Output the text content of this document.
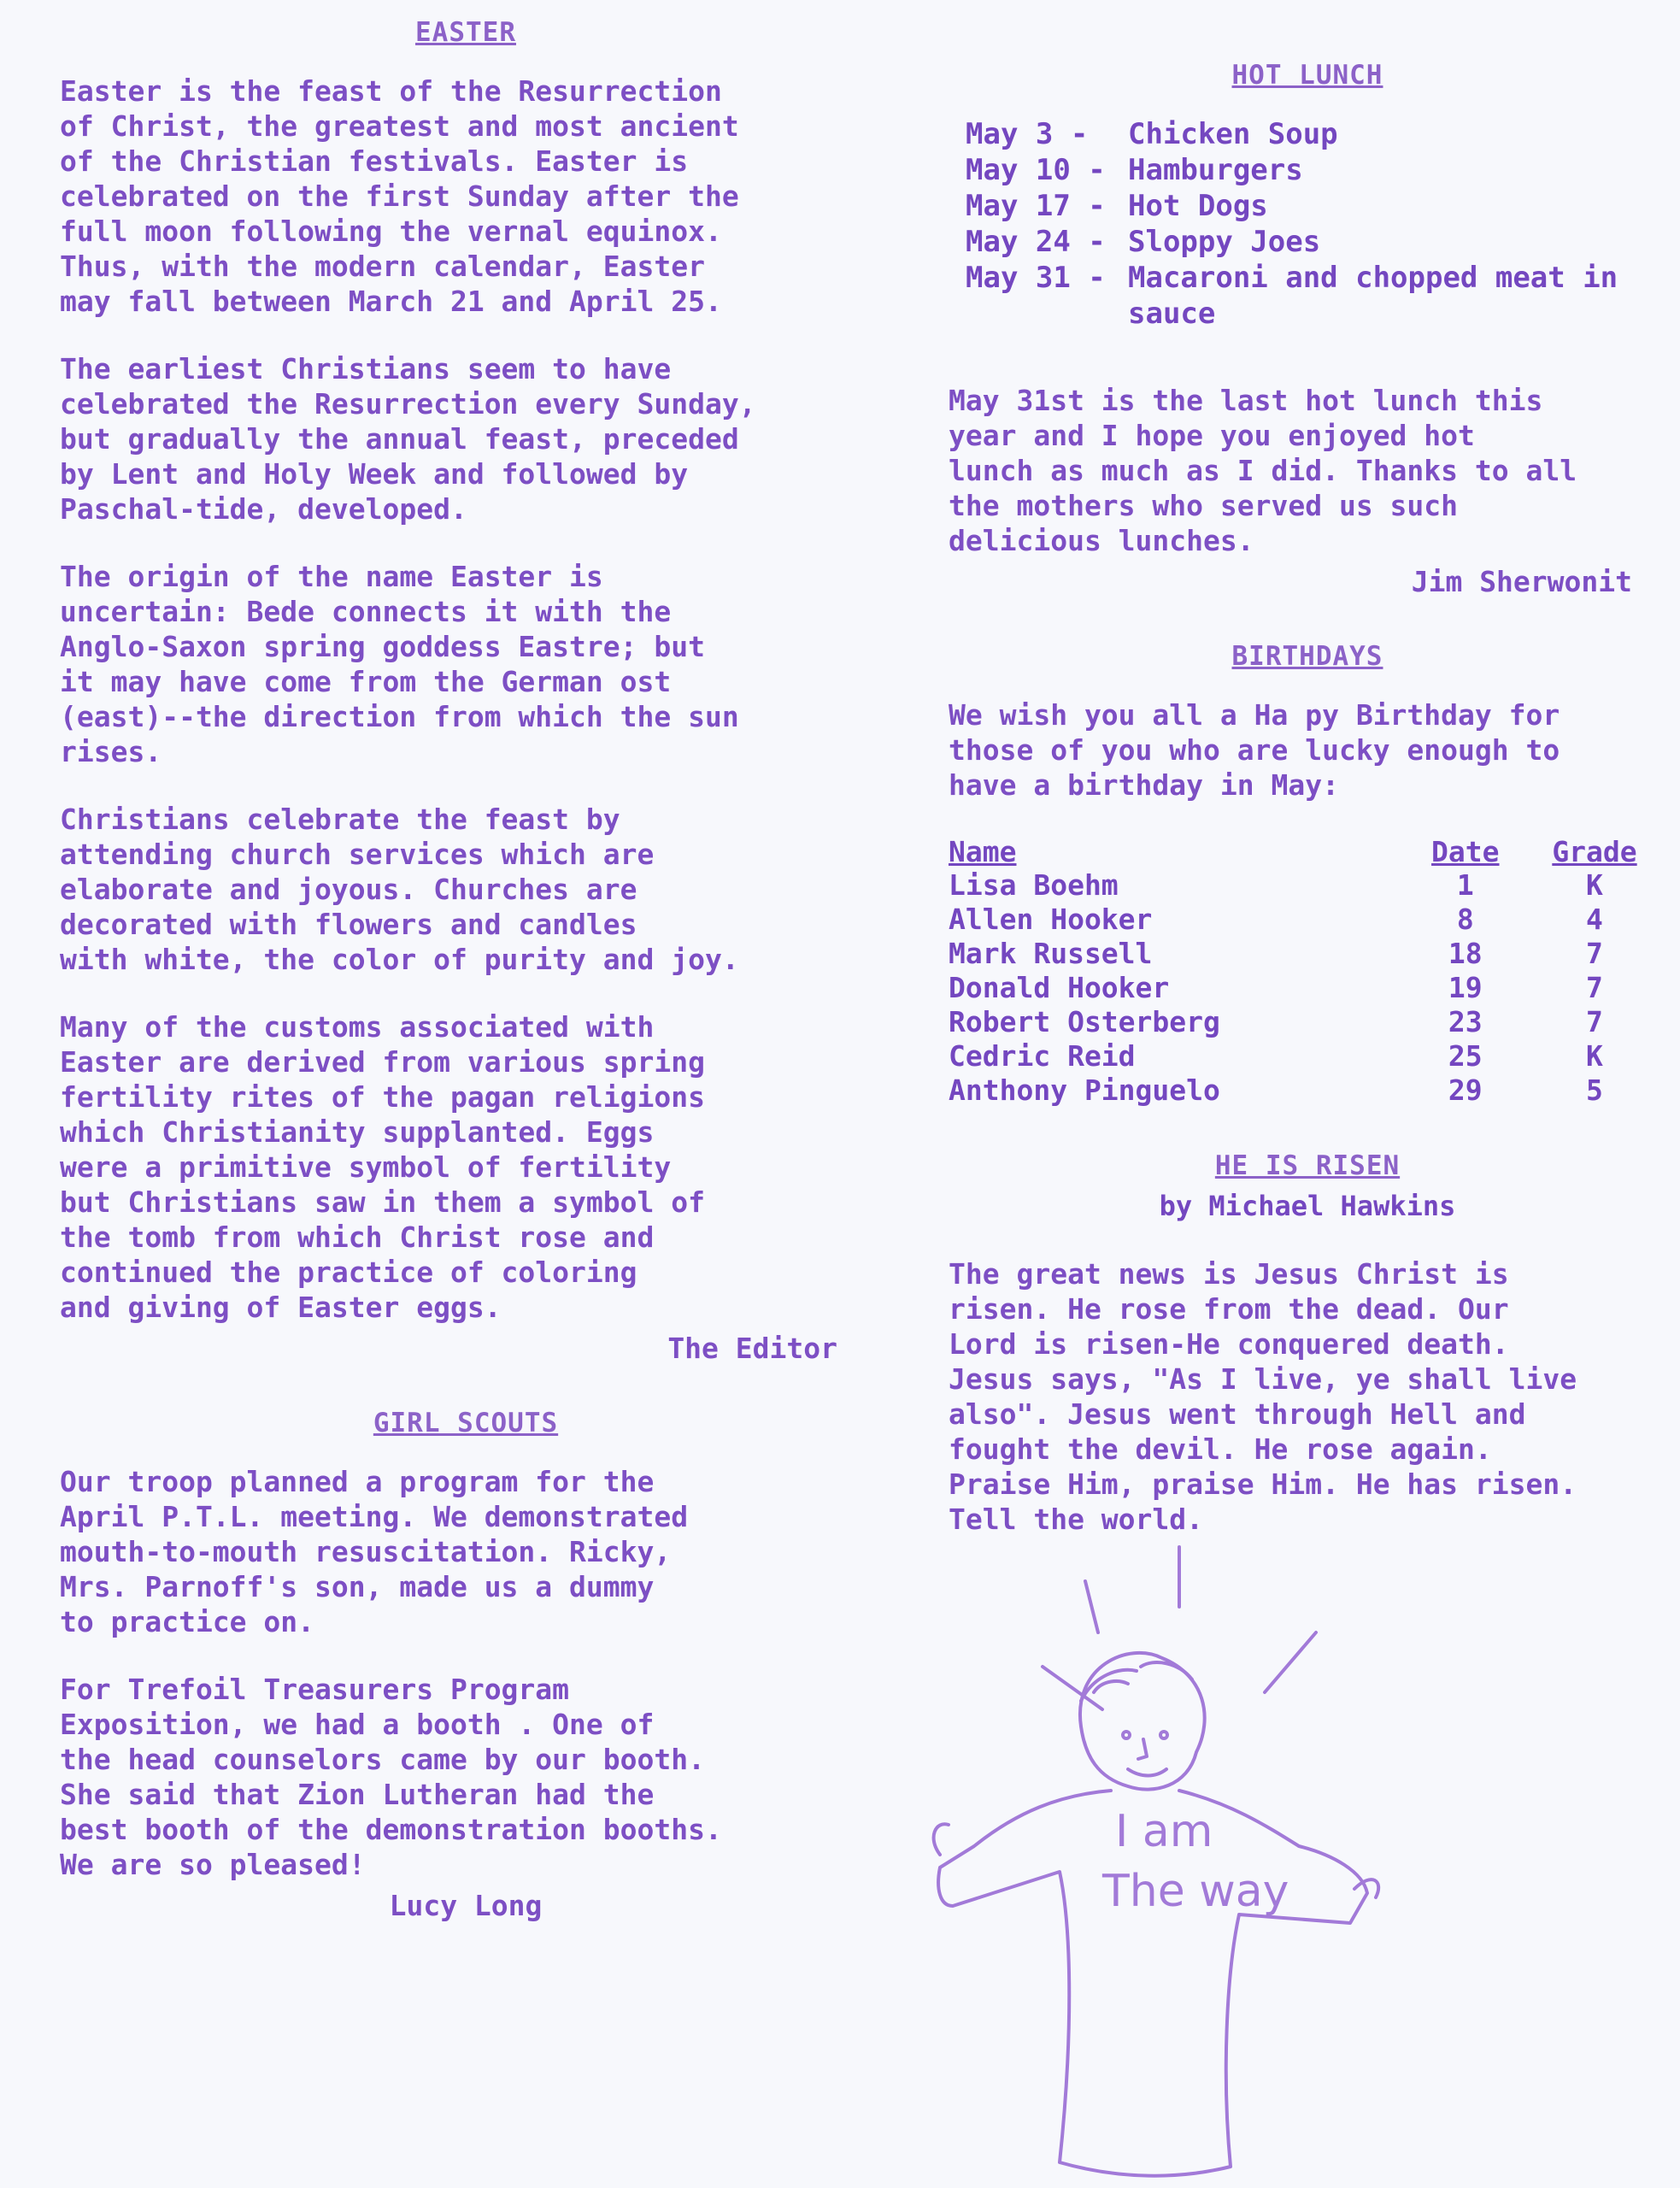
EASTER

Easter is the feast of the Resurrection
of Christ, the greatest and most ancient
of the Christian festivals. Easter is
celebrated on the first Sunday after the
full moon following the vernal equinox.
Thus, with the modern calendar, Easter
may fall between March 21 and April 25.

The earliest Christians seem to have
celebrated the Resurrection every Sunday,
but gradually the annual feast, preceded
by Lent and Holy Week and followed by
Paschal-tide, developed.

The origin of the name Easter is
uncertain: Bede connects it with the
Anglo-Saxon spring goddess Eastre; but
it may have come from the German ost
(east)--the direction from which the sun
rises.

Christians celebrate the feast by
attending church services which are
elaborate and joyous. Churches are
decorated with flowers and candles
with white, the color of purity and joy.

Many of the customs associated with
Easter are derived from various spring
fertility rites of the pagan religions
which Christianity supplanted. Eggs
were a primitive symbol of fertility
but Christians saw in them a symbol of
the tomb from which Christ rose and
continued the practice of coloring
and giving of Easter eggs.

The Editor
GIRL SCOUTS

Our troop planned a program for the
April P.T.L. meeting. We demonstrated
mouth-to-mouth resuscitation. Ricky,
Mrs. Parnoff's son, made us a dummy
to practice on.

For Trefoil Treasurers Program
Exposition, we had a booth . One of
the head counselors came by our booth.
She said that Zion Lutheran had the
best booth of the demonstration booths.
We are so pleased!

Lucy Long
HOT LUNCH
May 3 -	Chicken Soup
May 10 - Hamburgers
May 17 - Hot Dogs
May 24 - Sloppy Joes
May 31 - Macaroni and chopped meat in sauce

May 31st is the last hot lunch this
year and I hope you enjoyed hot
lunch as much as I did. Thanks to all
the mothers who served us such
delicious lunches.

Jim Sherwonit
BIRTHDAYS

We wish you all a Ha py Birthday for
those of you who are lucky enough to
have a birthday in May:

Name	Date	Grade
Lisa Boehm	1	K
Allen Hooker	8	4
Mark Russell	18	7
Donald Hooker	19	7
Robert Osterberg	23	7
Cedric Reid	25	K
Anthony Pinguelo	29	5
HE IS RISEN
by Michael Hawkins

The great news is Jesus Christ is
risen. He rose from the dead. Our
Lord is risen-He conquered death.
Jesus says, "As I live, ye shall live
also". Jesus went through Hell and
fought the devil. He rose again.
Praise Him, praise Him. He has risen.
Tell the world.

I am
The way
